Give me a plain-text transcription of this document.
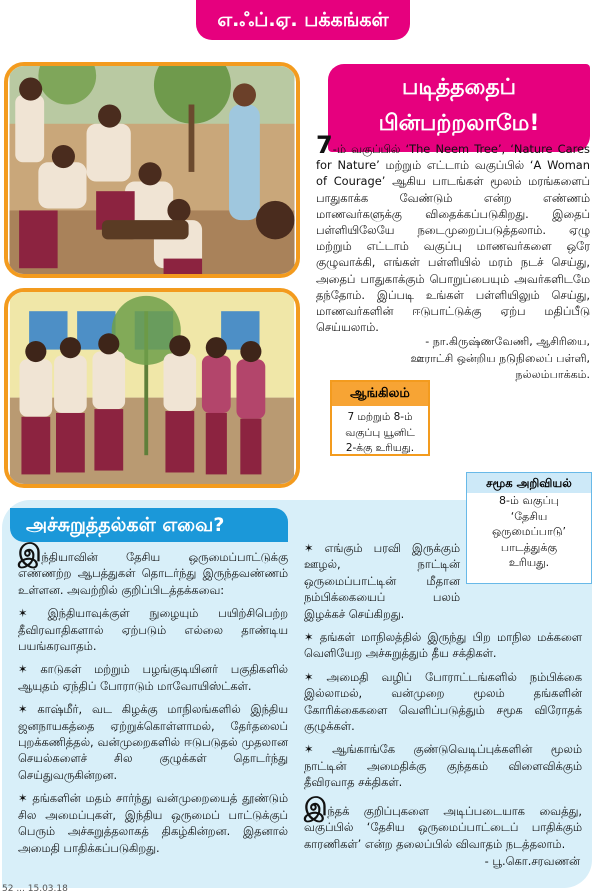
எ.ஃப்.ஏ. பக்கங்கள்
படித்ததைப்
பின்பற்றலாமே!
7-ம் வகுப்பில் ‘The Neem Tree’, ‘Nature Cares for Nature’ மற்றும் எட்டாம் வகுப்பில் ‘A Woman of Courage’ ஆகிய பாடங்கள் மூலம் மரங்களைப் பாதுகாக்க வேண்டும் என்ற எண்ணம் மாணவர்களுக்கு விதைக்கப்படுகிறது. இதைப் பள்ளியிலேயே நடைமுறைப்படுத்தலாம். ஏழு மற்றும் எட்டாம் வகுப்பு மாணவர்களை ஒரே குழுவாக்கி, எங்கள் பள்ளியில் மரம் நடச் செய்து, அதைப் பாதுகாக்கும் பொறுப்பையும் அவர்களிடமே தந்தோம். இப்படி உங்கள் பள்ளியிலும் செய்து, மாணவர்களின் ஈடுபாட்டுக்கு ஏற்ப மதிப்பீடு செய்யலாம்.
- நா.கிருஷ்ணவேணி, ஆசிரியை,
ஊராட்சி ஒன்றிய நடுநிலைப் பள்ளி,
நல்லம்பாக்கம்.
ஆங்கிலம்
7 மற்றும் 8-ம்
வகுப்பு யூனிட்
2-க்கு உரியது.
அச்சுறுத்தல்கள் எவை?
சமூக அறிவியல்
8-ம் வகுப்பு
‘தேசிய
ஒருமைப்பாடு’
பாடத்துக்கு
உரியது.

இந்தியாவின் தேசிய ஒருமைப்பாட்டுக்கு எண்ணற்ற ஆபத்துகள் தொடர்ந்து இருந்தவண்ணம் உள்ளன. அவற்றில் குறிப்பிடத்தக்கவை:

✶ இந்தியாவுக்குள் நுழையும் பயிற்சிபெற்ற தீவிரவாதிகளால் ஏற்படும் எல்லை தாண்டிய பயங்கரவாதம்.

✶ காடுகள் மற்றும் பழங்குடியினர் பகுதிகளில் ஆயுதம் ஏந்திப் போராடும் மாவோயிஸ்ட்கள்.

✶ காஷ்மீர், வட கிழக்கு மாநிலங்களில் இந்திய ஜனநாயகத்தை ஏற்றுக்கொள்ளாமல், தேர்தலைப் புறக்கணித்தல், வன்முறைகளில் ஈடுபடுதல் முதலான செயல்களைச் சில குழுக்கள் தொடர்ந்து செய்துவருகின்றன.

✶ தங்களின் மதம் சார்ந்து வன்முறையைத் தூண்டும் சில அமைப்புகள், இந்திய ஒருமைப் பாட்டுக்குப் பெரும் அச்சுறுத்தலாகத் திகழ்கின்றன. இதனால் அமைதி பாதிக்கப்படுகிறது.

✶ எங்கும் பரவி இருக்கும் ஊழல், நாட்டின் ஒருமைப்பாட்டின் மீதான நம்பிக்கையைப் பலம் இழக்கச் செய்கிறது.

✶ தங்கள் மாநிலத்தில் இருந்து பிற மாநில மக்களை வெளியேற அச்சுறுத்தும் தீய சக்திகள்.

✶ அமைதி வழிப் போராட்டங்களில் நம்பிக்கை இல்லாமல், வன்முறை மூலம் தங்களின் கோரிக்கைகளை வெளிப்படுத்தும் சமூக விரோதக் குழுக்கள்.

✶ ஆங்காங்கே குண்டுவெடிப்புக்களின் மூலம் நாட்டின் அமைதிக்கு குந்தகம் விளைவிக்கும் தீவிரவாத சக்திகள்.

இந்தக் குறிப்புகளை அடிப்படையாக வைத்து, வகுப்பில் ‘தேசிய ஒருமைப்பாட்டைப் பாதிக்கும் காரணிகள்’ என்ற தலைப்பில் விவாதம் நடத்தலாம்.

- பூ.கொ.சரவணன்
52 ... 15.03.18
